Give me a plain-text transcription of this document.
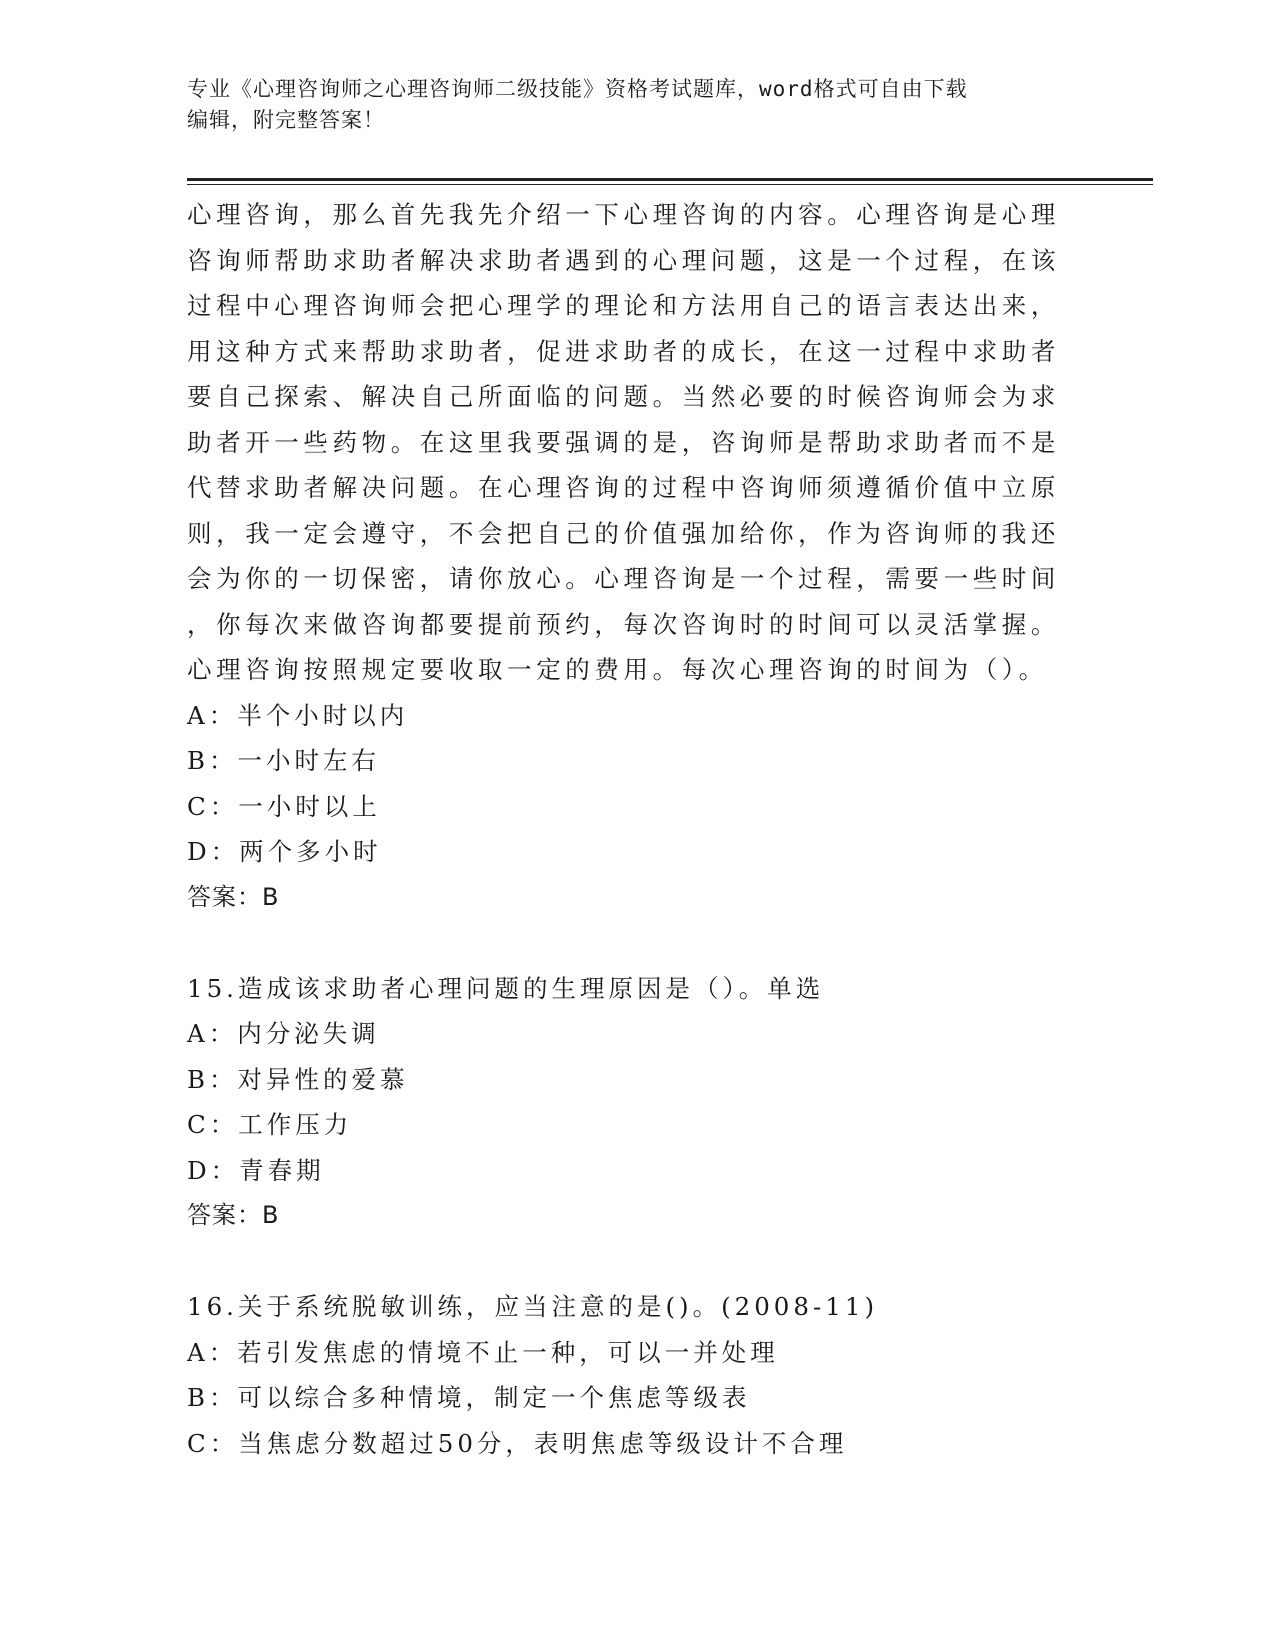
专业《心理咨询师之心理咨询师二级技能》资格考试题库，word格式可自由下载
编辑，附完整答案！
心理咨询，那么首先我先介绍一下心理咨询的内容。心理咨询是心理
咨询师帮助求助者解决求助者遇到的心理问题，这是一个过程，在该
过程中心理咨询师会把心理学的理论和方法用自己的语言表达出来，
用这种方式来帮助求助者，促进求助者的成长，在这一过程中求助者
要自己探索、解决自己所面临的问题。当然必要的时候咨询师会为求
助者开一些药物。在这里我要强调的是，咨询师是帮助求助者而不是
代替求助者解决问题。在心理咨询的过程中咨询师须遵循价值中立原
则，我一定会遵守，不会把自己的价值强加给你，作为咨询师的我还
会为你的一切保密，请你放心。心理咨询是一个过程，需要一些时间
，你每次来做咨询都要提前预约，每次咨询时的时间可以灵活掌握。
心理咨询按照规定要收取一定的费用。每次心理咨询的时间为（）。
A：半个小时以内
B：一小时左右
C：一小时以上
D：两个多小时
答案：B
15.造成该求助者心理问题的生理原因是（）。单选
A：内分泌失调
B：对异性的爱慕
C：工作压力
D：青春期
答案：B
16.关于系统脱敏训练，应当注意的是()。(2008-11)
A：若引发焦虑的情境不止一种，可以一并处理
B：可以综合多种情境，制定一个焦虑等级表
C：当焦虑分数超过50分，表明焦虑等级设计不合理
